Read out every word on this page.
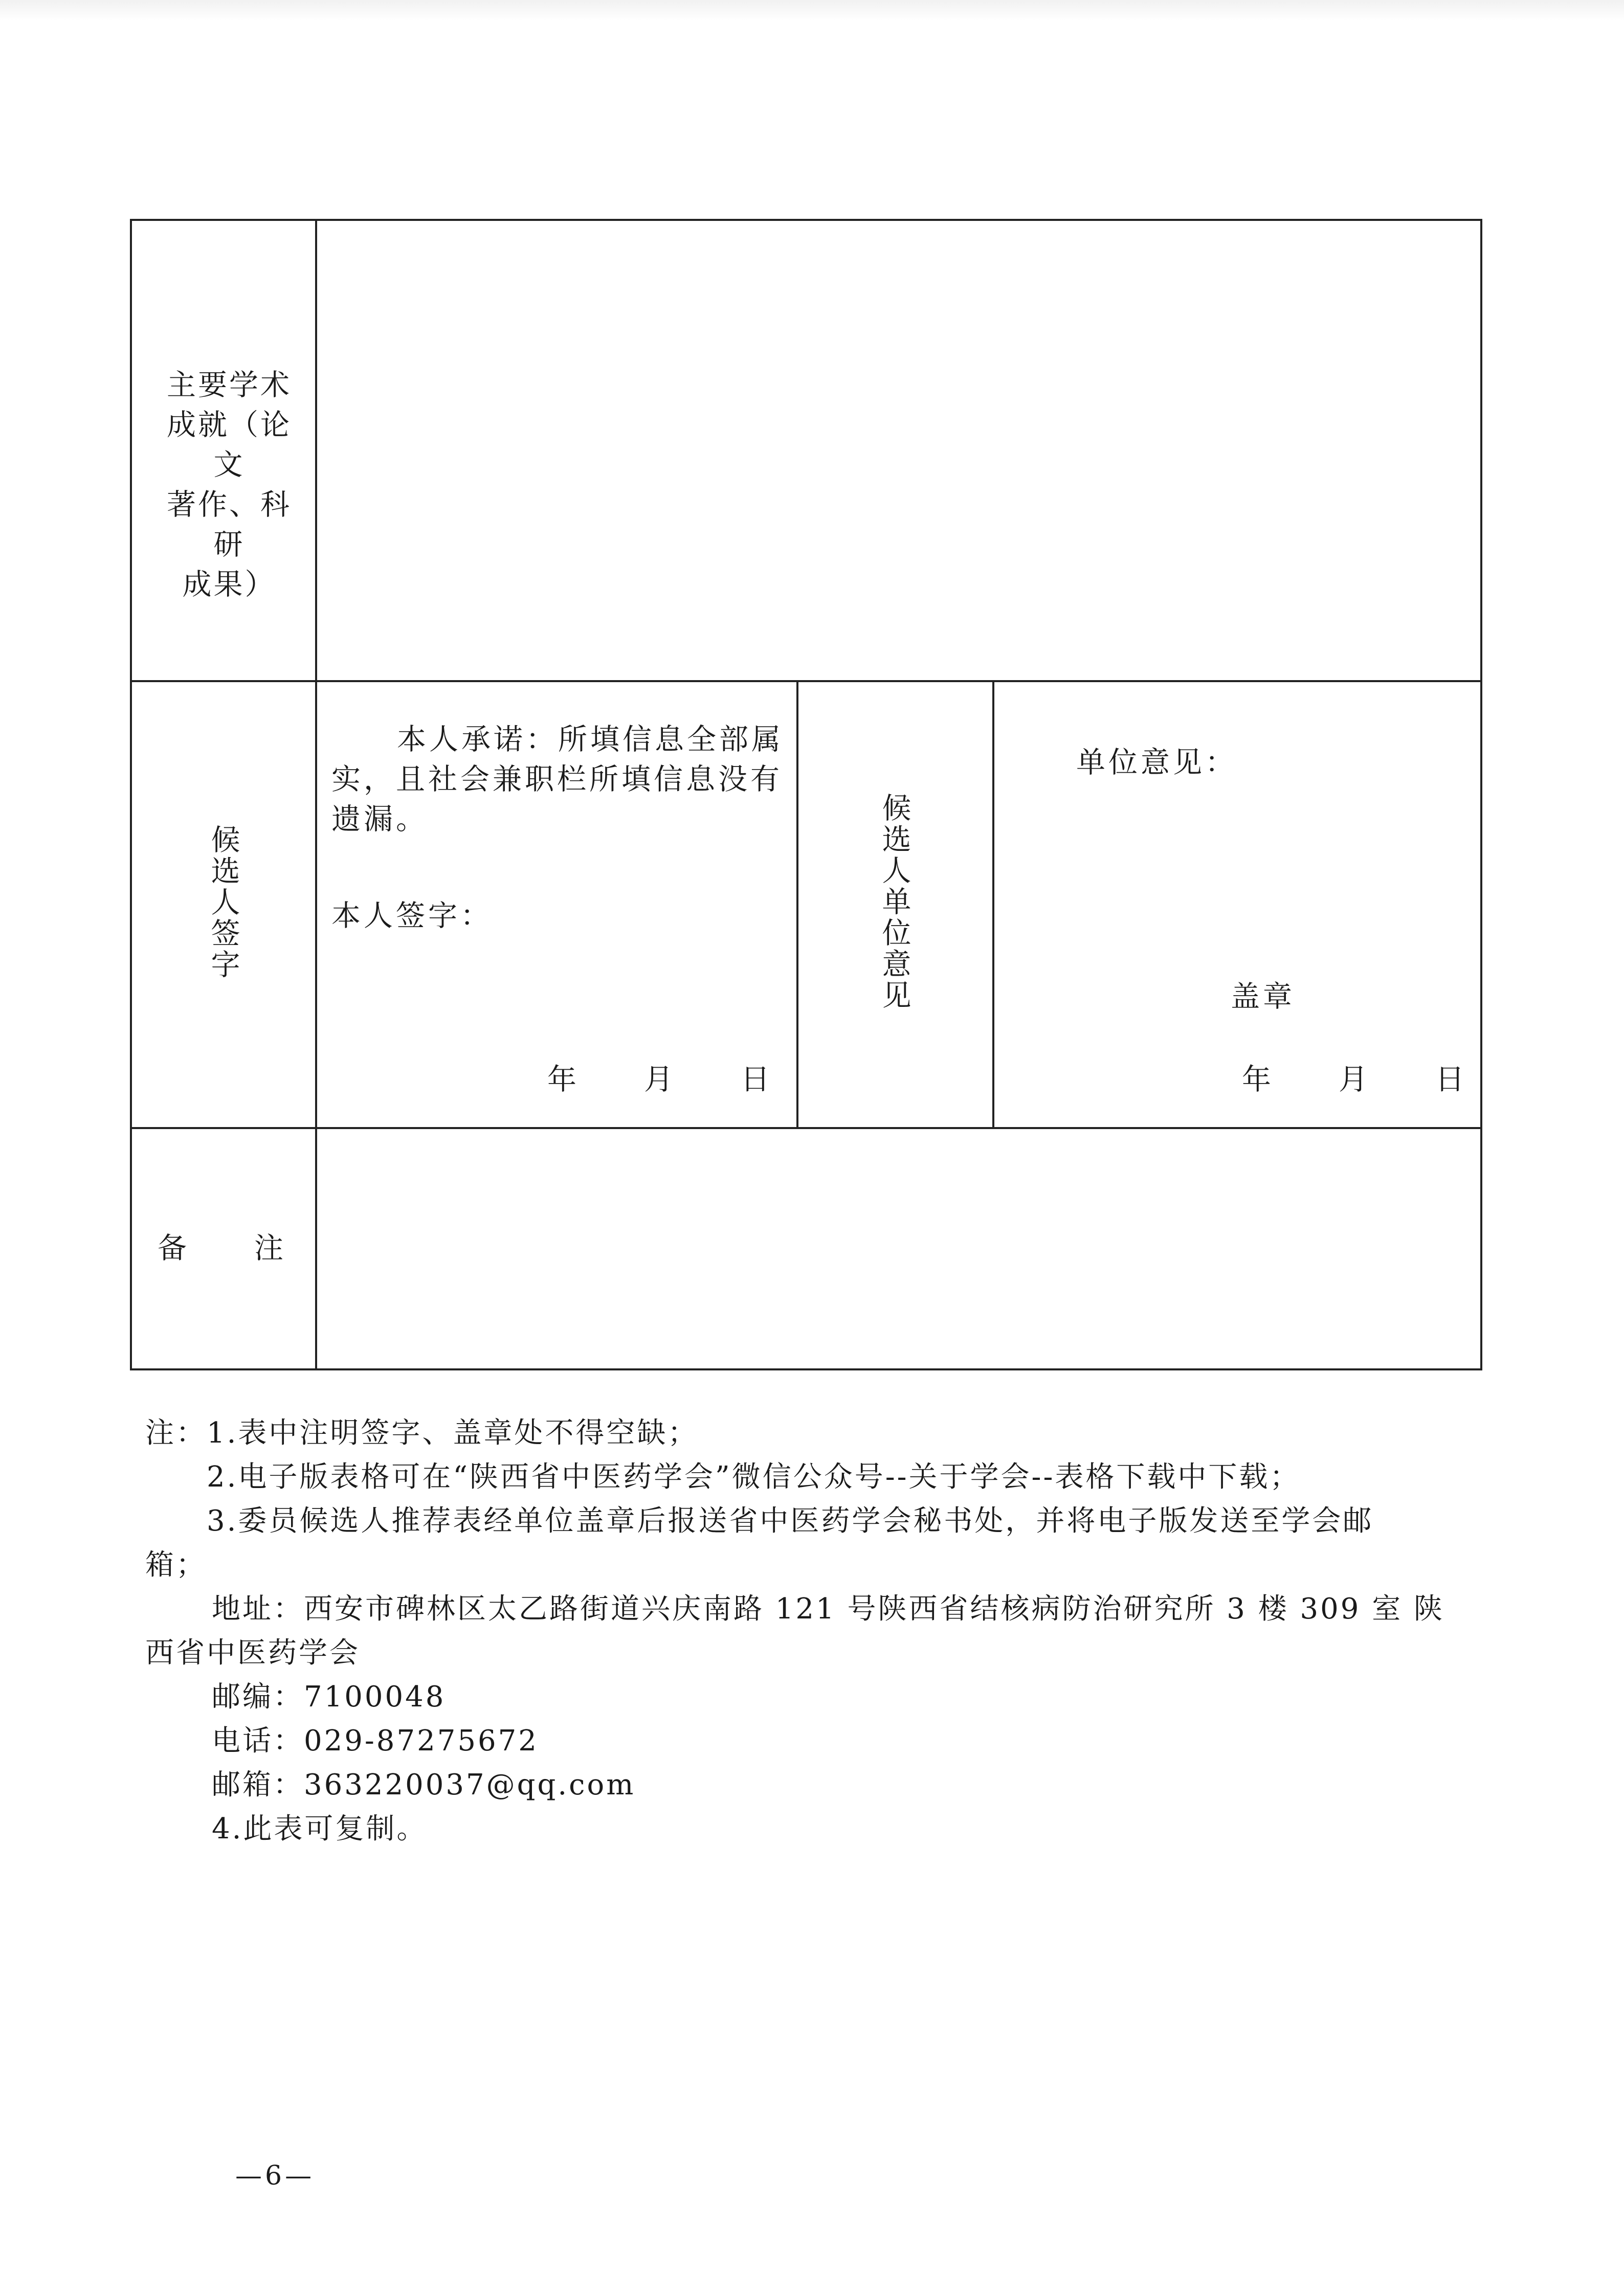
主要学术
成就（论文
著作、科研
成果）
候选人签字
本人承诺：所填信息全部属
实，且社会兼职栏所填信息没有
遗漏。
本人签字：
年　　月　　日
候选人单位意见
单位意见：
盖章
年　　月　　日
备　　注
注：1.表中注明签字、盖章处不得空缺；
2.电子版表格可在“陕西省中医药学会”微信公众号--关于学会--表格下载中下载；
3.委员候选人推荐表经单位盖章后报送省中医药学会秘书处，并将电子版发送至学会邮
箱；
地址：西安市碑林区太乙路街道兴庆南路 121 号陕西省结核病防治研究所 3 楼 309 室 陕
西省中医药学会
邮编：7100048
电话：029-87275672
邮箱：363220037@qq.com
4.此表可复制。
—6—
